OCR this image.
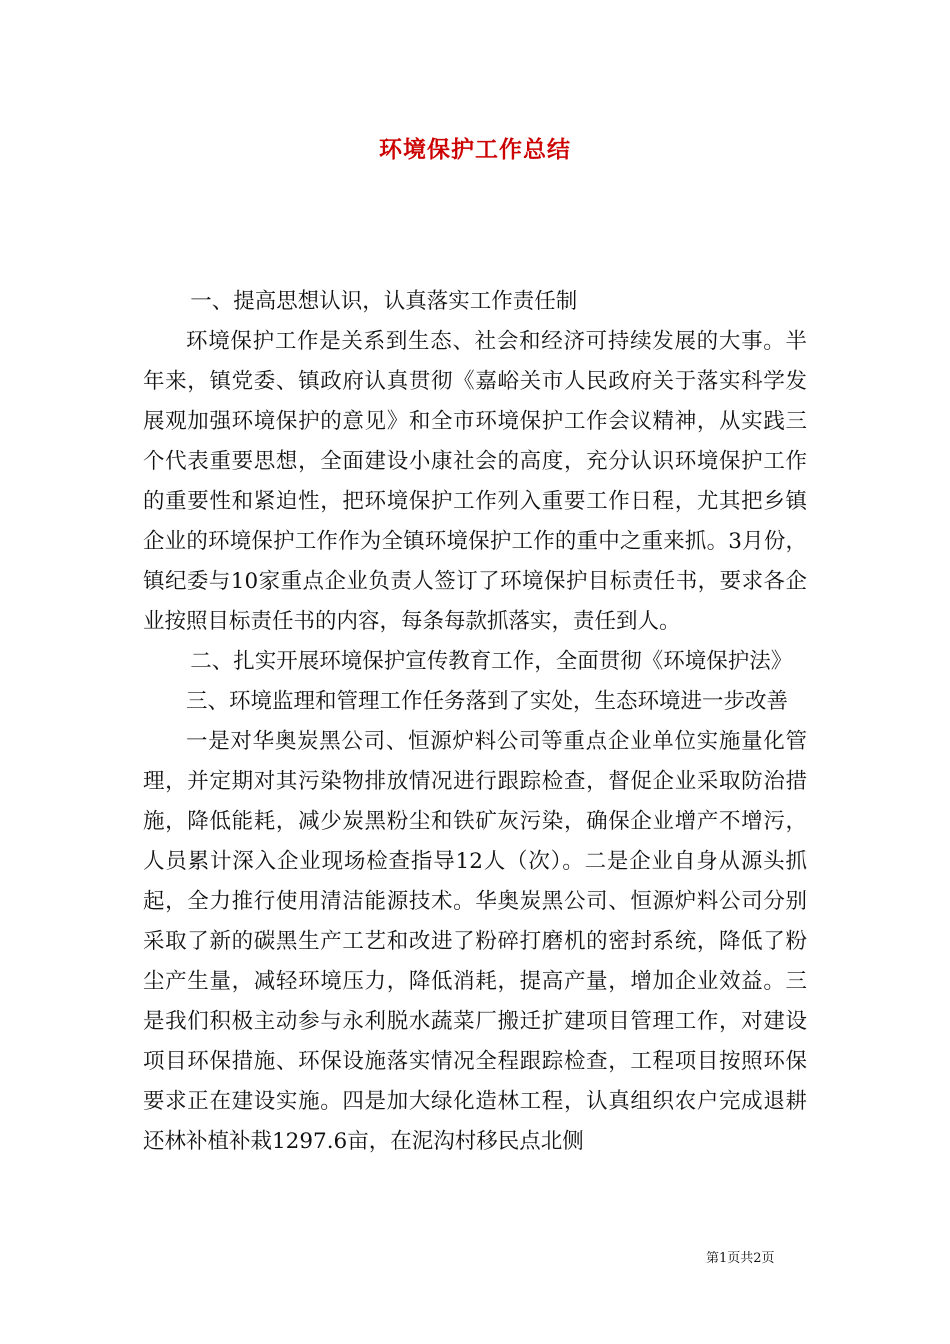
环境保护工作总结

一、提高思想认识，认真落实工作责任制

环境保护工作是关系到生态、社会和经济可持续发展的大事。半年来，镇党委、镇政府认真贯彻《嘉峪关市人民政府关于落实科学发展观加强环境保护的意见》和全市环境保护工作会议精神，从实践三个代表重要思想，全面建设小康社会的高度，充分认识环境保护工作的重要性和紧迫性，把环境保护工作列入重要工作日程，尤其把乡镇企业的环境保护工作作为全镇环境保护工作的重中之重来抓。3月份，镇纪委与10家重点企业负责人签订了环境保护目标责任书，要求各企业按照目标责任书的内容，每条每款抓落实，责任到人。

二、扎实开展环境保护宣传教育工作，全面贯彻《环境保护法》

三、环境监理和管理工作任务落到了实处，生态环境进一步改善

一是对华奥炭黑公司、恒源炉料公司等重点企业单位实施量化管理，并定期对其污染物排放情况进行跟踪检查，督促企业采取防治措施，降低能耗，减少炭黑粉尘和铁矿灰污染，确保企业增产不增污，人员累计深入企业现场检查指导12人（次）。二是企业自身从源头抓起，全力推行使用清洁能源技术。华奥炭黑公司、恒源炉料公司分别采取了新的碳黑生产工艺和改进了粉碎打磨机的密封系统，降低了粉尘产生量，减轻环境压力，降低消耗，提高产量，增加企业效益。三是我们积极主动参与永利脱水蔬菜厂搬迁扩建项目管理工作，对建设项目环保措施、环保设施落实情况全程跟踪检查，工程项目按照环保要求正在建设实施。四是加大绿化造林工程，认真组织农户完成退耕还林补植补栽1297.6亩，在泥沟村移民点北侧

第1页共2页
